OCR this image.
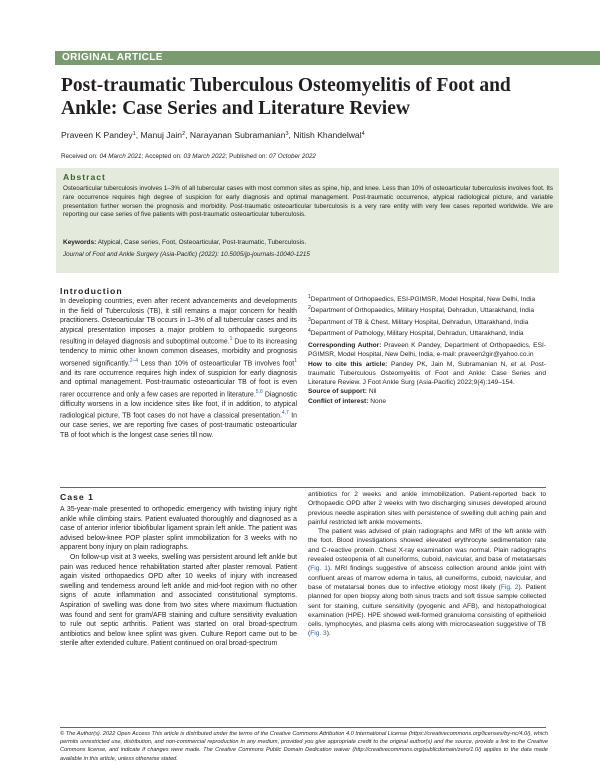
ORIGINAL ARTICLE
Post-traumatic Tuberculous Osteomyelitis of Foot and Ankle: Case Series and Literature Review
Praveen K Pandey$^1$, Manuj Jain$^2$, Narayanan Subramanian$^3$, Nitish Khandelwal$^4$
Received on: 04 March 2021; Accepted on: 03 March 2022; Published on: 07 October 2022
Abstract

Osteoarticular tuberculosis involves 1–3% of all tubercular cases with most common sites as spine, hip, and knee. Less than 10% of osteoarticular tuberculosis involves foot. Its rare occurrence requires high degree of suspicion for early diagnosis and optimal management. Post-traumatic occurrence, atypical radiological picture, and variable presentation further worsen the prognosis and morbidity. Post-traumatic osteoarticular tuberculosis is a very rare entity with very few cases reported worldwide. We are reporting our case series of five patients with post-traumatic osteoarticular tuberculosis.

Keywords: Atypical, Case series, Foot, Osteoarticular, Post-traumatic, Tuberculosis.

Journal of Foot and Ankle Surgery (Asia-Pacific) (2022): 10.5005/jp-journals-10040-1215

Introduction

In developing countries, even after recent advancements and developments in the field of Tuberculosis (TB), it still remains a major concern for health practitioners. Osteoarticular TB occurs in 1–3% of all tubercular cases and its atypical presentation imposes a major problem to orthopaedic surgeons resulting in delayed diagnosis and suboptimal outcome.$^1$ Due to its increasing tendency to mimic other known common diseases, morbidity and prognosis worsened significantly.$^{2-4}$ Less than 10% of osteoarticular TB involves foot$^1$ and its rare occurrence requires high index of suspicion for early diagnosis and optimal management. Post-traumatic osteoarticular TB of foot is even rarer occurrence and only a few cases are reported in literature.$^{5,6}$ Diagnostic difficulty worsens in a low incidence sites like foot, if in addition, to atypical radiological picture, TB foot cases do not have a classical presentation.$^{4,7}$ In our case series, we are reporting five cases of post-traumatic osteoarticular TB of foot which is the longest case series till now.

$^1$Department of Orthopaedics, ESI-PGIMSR, Model Hospital, New Delhi, India

$^2$Department of Orthopaedics, Military Hospital, Dehradun, Uttarakhand, India

$^3$Department of TB & Chest, Military Hospital, Dehradun, Uttarakhand, India

$^4$Department of Pathology, Military Hospital, Dehradun, Uttarakhand, India

Corresponding Author: Praveen K Pandey, Department of Orthopaedics, ESI-PGIMSR, Model Hospital, New Delhi, India, e-mail: praveen2gir@yahoo.co.in

How to cite this article: Pandey PK, Jain M, Subramanian N, et al. Post-traumatic Tuberculous Osteomyelitis of Foot and Ankle: Case Series and Literature Review. J Foot Ankle Surg (Asia-Pacific) 2022;9(4):149–154.

Source of support: Nil

Conflict of interest: None

Case 1

A 35-year-male presented to orthopedic emergency with twisting injury right ankle while climbing stairs. Patient evaluated thoroughly and diagnosed as a case of anterior inferior tibiofibular ligament sprain left ankle. The patient was advised below-knee POP plaster splint immobilization for 3 weeks with no apparent bony injury on plain radiographs.

On follow-up visit at 3 weeks, swelling was persistent around left ankle but pain was reduced hence rehabilitation started after plaster removal. Patient again visited orthopaedics OPD after 10 weeks of injury with increased swelling and tenderness around left ankle and mid-foot region with no other signs of acute inflammation and associated constitutional symptoms. Aspiration of swelling was done from two sites where maximum fluctuation was found and sent for gram/AFB staining and culture sensitivity evaluation to rule out septic arthritis. Patient was started on oral broad-spectrum antibiotics and below knee splint was given. Culture Report came out to be sterile after extended culture. Patient continued on oral broad-spectrum

antibiotics for 2 weeks and ankle immobilization. Patient-reported back to Orthopaedic OPD after 2 weeks with two discharging sinuses developed around previous needle aspiration sites with persistence of swelling dull aching pain and painful restricted left ankle movements.

The patient was advised of plain radiographs and MRI of the left ankle with the foot. Blood investigations showed elevated erythrocyte sedimentation rate and C-reactive protein. Chest X-ray examination was normal. Plain radiographs revealed osteopenia of all cuneiforms, cuboid, navicular, and base of metatarsals (Fig. 1). MRI findings suggestive of abscess collection around ankle joint with confluent areas of marrow edema in talus, all cuneiforms, cuboid, navicular, and base of metatarsal bones due to infective etiology most likely (Fig. 2). Patient planned for open biopsy along both sinus tracts and soft tissue sample collected sent for staining, culture sensitivity (pyogenic and AFB), and histopathological examination (HPE). HPE showed well-formed granuloma consisting of epithelioid cells, lymphocytes, and plasma cells along with microcaseation suggestive of TB (Fig. 3).

© The Author(s). 2022 Open Access This article is distributed under the terms of the Creative Commons Attribution 4.0 International License (https://creativecommons.org/licenses/by-nc/4.0/), which permits unrestricted use, distribution, and non-commercial reproduction in any medium, provided you give appropriate credit to the original author(s) and the source, provide a link to the Creative Commons license, and indicate if changes were made. The Creative Commons Public Domain Dedication waiver (http://creativecommons.org/publicdomain/zero/1.0/) applies to the data made available in this article, unless otherwise stated.
